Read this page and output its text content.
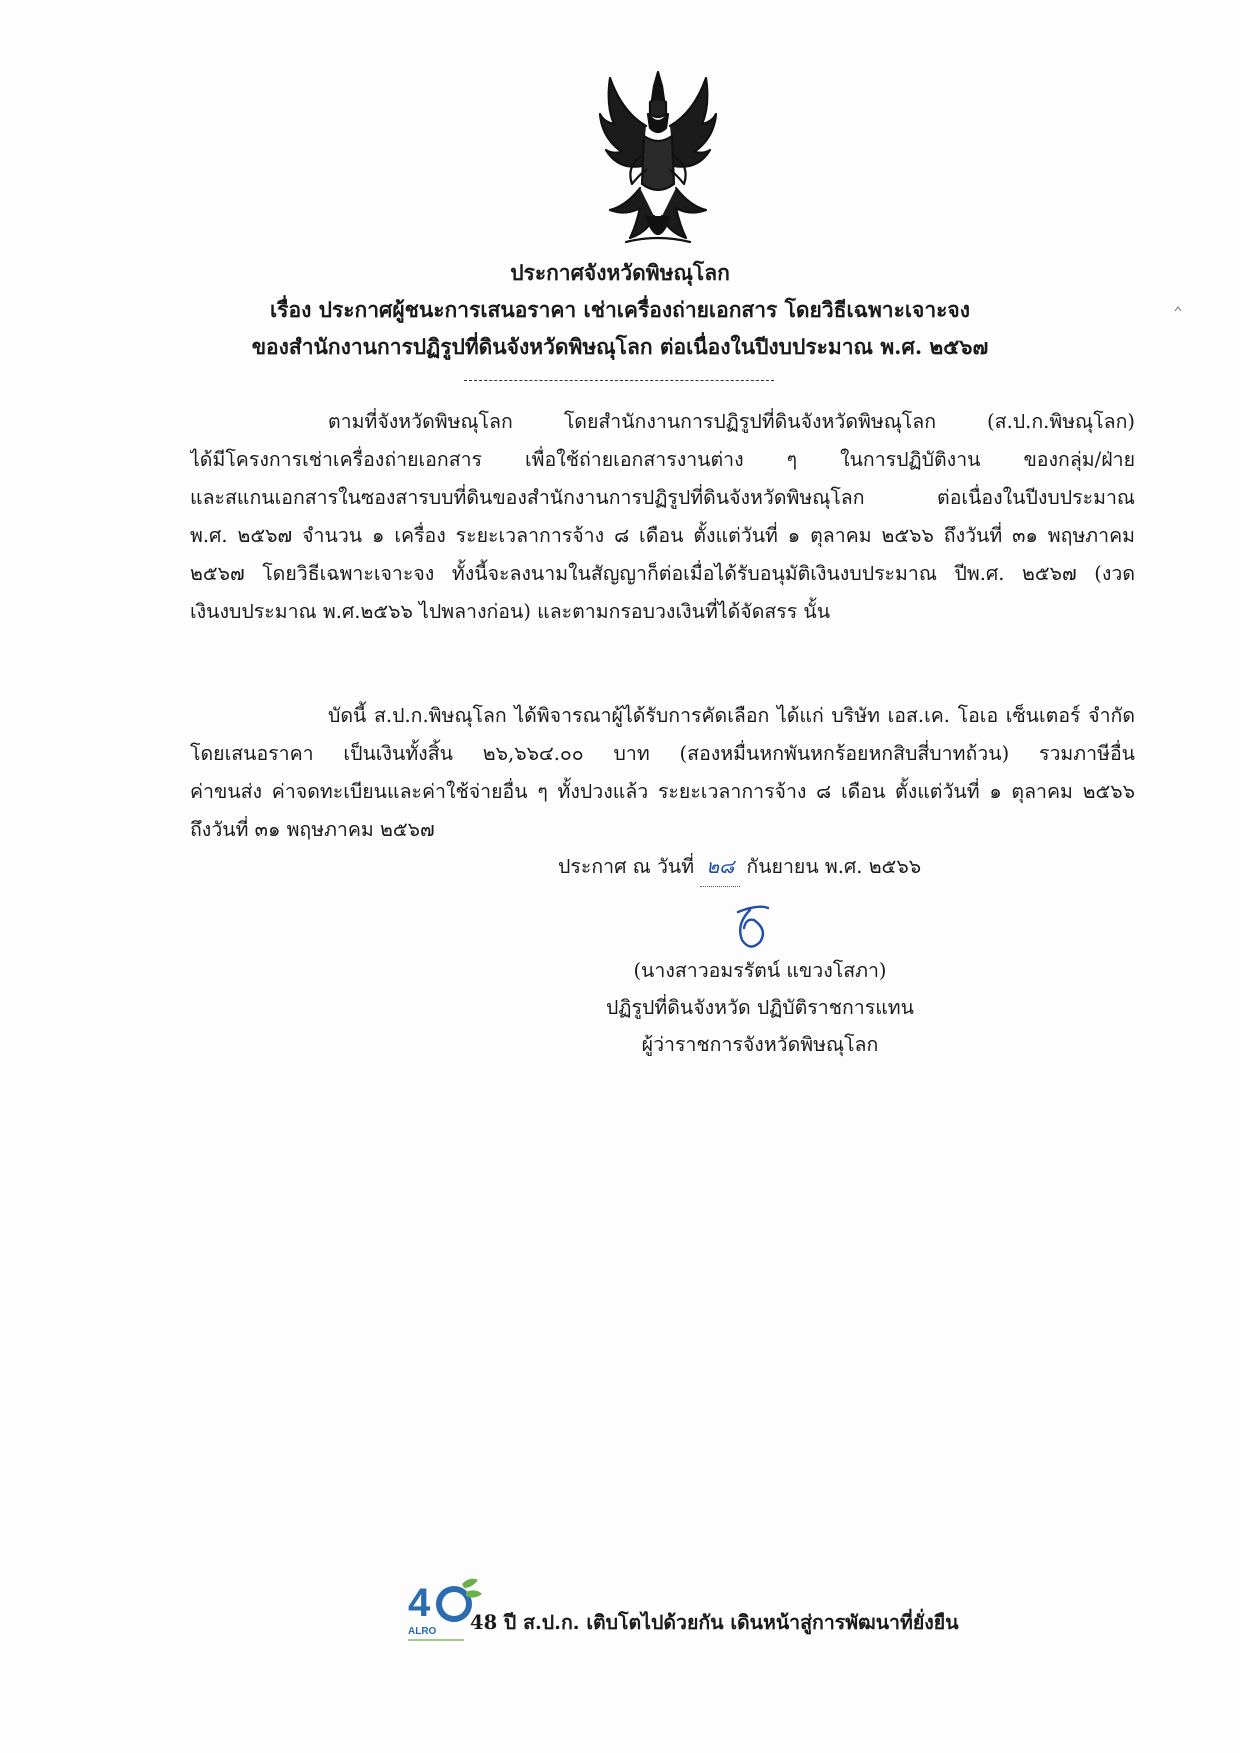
ประกาศจังหวัดพิษณุโลก
เรื่อง ประกาศผู้ชนะการเสนอราคา เช่าเครื่องถ่ายเอกสาร โดยวิธีเฉพาะเจาะจง
ของสำนักงานการปฏิรูปที่ดินจังหวัดพิษณุโลก ต่อเนื่องในปีงบประมาณ พ.ศ. ๒๕๖๗
ตามที่จังหวัดพิษณุโลก โดยสำนักงานการปฏิรูปที่ดินจังหวัดพิษณุโลก (ส.ป.ก.พิษณุโลก)
ได้มีโครงการเช่าเครื่องถ่ายเอกสาร เพื่อใช้ถ่ายเอกสารงานต่าง ๆ ในการปฏิบัติงาน ของกลุ่ม/ฝ่าย
และสแกนเอกสารในซองสารบบที่ดินของสำนักงานการปฏิรูปที่ดินจังหวัดพิษณุโลก ต่อเนื่องในปีงบประมาณ
พ.ศ. ๒๕๖๗ จำนวน ๑ เครื่อง ระยะเวลาการจ้าง ๘ เดือน ตั้งแต่วันที่ ๑ ตุลาคม ๒๕๖๖ ถึงวันที่ ๓๑ พฤษภาคม
๒๕๖๗ โดยวิธีเฉพาะเจาะจง ทั้งนี้จะลงนามในสัญญาก็ต่อเมื่อได้รับอนุมัติเงินงบประมาณ ปีพ.ศ. ๒๕๖๗ (งวด
เงินงบประมาณ พ.ศ.๒๕๖๖ ไปพลางก่อน) และตามกรอบวงเงินที่ได้จัดสรร นั้น
บัดนี้ ส.ป.ก.พิษณุโลก ได้พิจารณาผู้ได้รับการคัดเลือก ได้แก่ บริษัท เอส.เค. โอเอ เซ็นเตอร์ จำกัด
โดยเสนอราคา เป็นเงินทั้งสิ้น ๒๖,๖๖๔.๐๐ บาท (สองหมื่นหกพันหกร้อยหกสิบสี่บาทถ้วน) รวมภาษีอื่น
ค่าขนส่ง ค่าจดทะเบียนและค่าใช้จ่ายอื่น ๆ ทั้งปวงแล้ว ระยะเวลาการจ้าง ๘ เดือน ตั้งแต่วันที่ ๑ ตุลาคม ๒๕๖๖
ถึงวันที่ ๓๑ พฤษภาคม ๒๕๖๗
ประกาศ ณ วันที่ ๒๘ กันยายน พ.ศ. ๒๕๖๖
(นางสาวอมรรัตน์ แขวงโสภา)
ปฏิรูปที่ดินจังหวัด ปฏิบัติราชการแทน
ผู้ว่าราชการจังหวัดพิษณุโลก
4
ALRO 48 ปี ส.ป.ก. เติบโตไปด้วยกัน เดินหน้าสู่การพัฒนาที่ยั่งยืน
